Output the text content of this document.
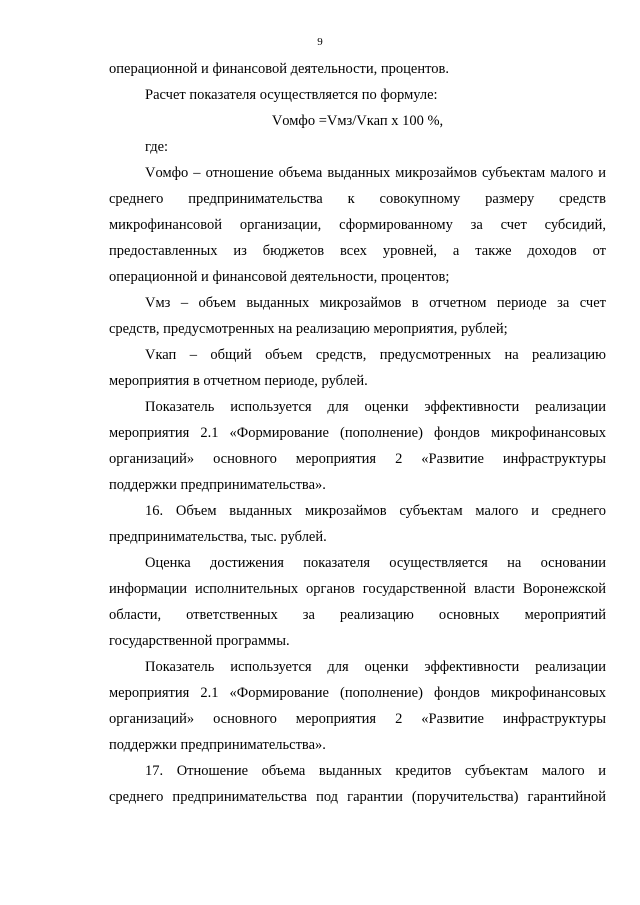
9
операционной и финансовой деятельности, процентов.
Расчет показателя осуществляется по формуле:
Vомфо =Vмз/Vкап х 100 %,
где:
Vомфо – отношение объема выданных микрозаймов субъектам малого и
среднего предпринимательства к совокупному размеру средств
микрофинансовой организации, сформированному за счет субсидий,
предоставленных из бюджетов всех уровней, а также доходов от
операционной и финансовой деятельности, процентов;
Vмз – объем выданных микрозаймов в отчетном периоде за счет
средств, предусмотренных на реализацию мероприятия, рублей;
Vкап – общий объем средств, предусмотренных на реализацию
мероприятия в отчетном периоде, рублей.
Показатель используется для оценки эффективности реализации
мероприятия 2.1 «Формирование (пополнение) фондов микрофинансовых
организаций» основного мероприятия 2 «Развитие инфраструктуры
поддержки предпринимательства».
16. Объем выданных микрозаймов субъектам малого и среднего
предпринимательства, тыс. рублей.
Оценка достижения показателя осуществляется на основании
информации исполнительных органов государственной власти Воронежской
области, ответственных за реализацию основных мероприятий
государственной программы.
Показатель используется для оценки эффективности реализации
мероприятия 2.1 «Формирование (пополнение) фондов микрофинансовых
организаций» основного мероприятия 2 «Развитие инфраструктуры
поддержки предпринимательства».
17. Отношение объема выданных кредитов субъектам малого и
среднего предпринимательства под гарантии (поручительства) гарантийной
